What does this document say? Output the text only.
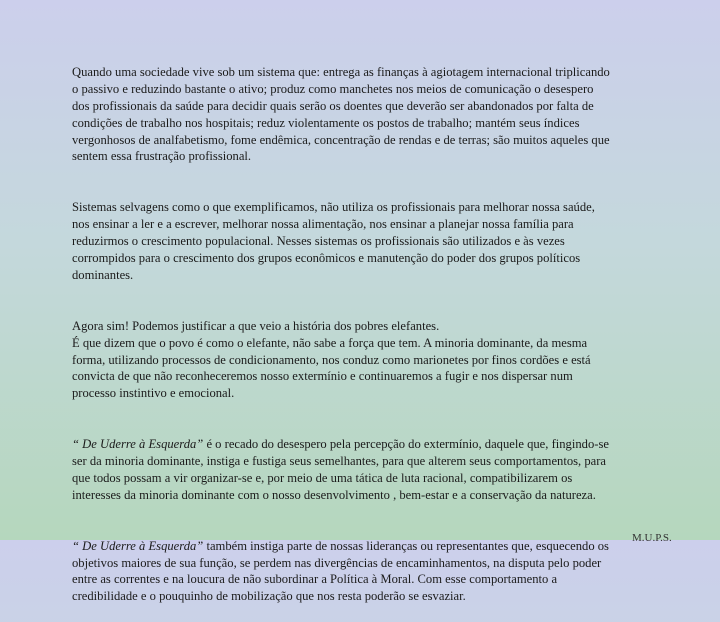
Quando uma sociedade vive sob um sistema que: entrega as finanças à agiotagem internacional triplicando
o passivo e reduzindo bastante o ativo; produz como manchetes nos meios de comunicação o desespero
dos profissionais da saúde para decidir quais serão os doentes que deverão ser abandonados por falta de
condições de trabalho nos hospitais; reduz violentamente os postos de trabalho; mantém seus índices
vergonhosos de analfabetismo, fome endêmica, concentração de rendas e de terras; são muitos aqueles que
sentem essa frustração profissional.

Sistemas selvagens como o que exemplificamos, não utiliza os profissionais para melhorar nossa saúde,
nos ensinar a ler e a escrever, melhorar nossa alimentação, nos ensinar a planejar nossa família para
reduzirmos o crescimento populacional. Nesses sistemas os profissionais são utilizados e às vezes
corrompidos para o crescimento dos grupos econômicos e manutenção do poder dos grupos políticos
dominantes.

Agora sim! Podemos justificar a que veio a história dos pobres elefantes.
É que dizem que o povo é como o elefante, não sabe a força que tem. A minoria dominante, da mesma
forma, utilizando processos de condicionamento, nos conduz como marionetes por finos cordões e está
convicta de que não reconheceremos nosso extermínio e continuaremos a fugir e nos dispersar num
processo instintivo e emocional.

“ De Uderre à Esquerda” é o recado do desespero pela percepção do extermínio, daquele que, fingindo-se
ser da minoria dominante, instiga e fustiga seus semelhantes, para que alterem seus comportamentos, para
que todos possam a vir organizar-se e, por meio de uma tática de luta racional, compatibilizarem os
interesses da minoria dominante com o nosso desenvolvimento , bem-estar e a conservação da natureza.

“ De Uderre à Esquerda” também instiga parte de nossas lideranças ou representantes que, esquecendo os
objetivos maiores de sua função, se perdem nas divergências de encaminhamentos, na disputa pelo poder
entre as correntes e na loucura de não subordinar a Política à Moral. Com esse comportamento a
credibilidade e o pouquinho de mobilização que nos resta poderão se esvaziar.

M.U.P.S.
